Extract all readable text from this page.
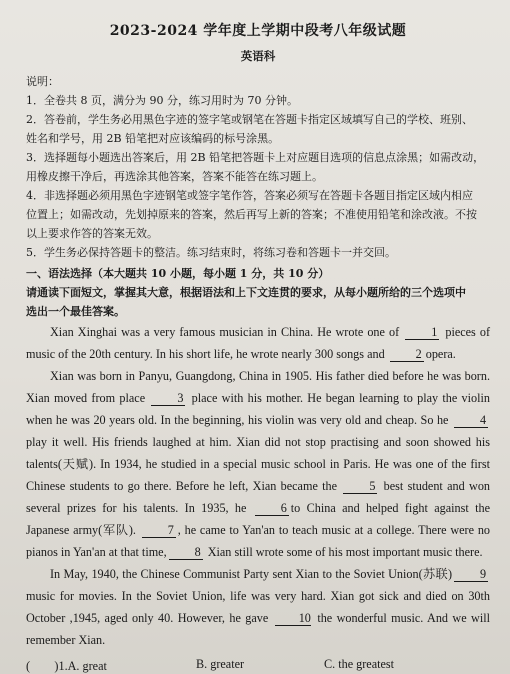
2023-2024 学年度上学期中段考八年级试题
英语科

说明：

1．全卷共 8 页，满分为 90 分，练习用时为 70 分钟。

2．答卷前，学生务必用黑色字迹的签字笔或钢笔在答题卡指定区域填写自己的学校、班别、

姓名和学号，用 2B 铅笔把对应该编码的标号涂黑。

3．选择题每小题选出答案后，用 2B 铅笔把答题卡上对应题目选项的信息点涂黑；如需改动，

用橡皮擦干净后，再选涂其他答案，答案不能答在练习题上。

4．非选择题必须用黑色字迹钢笔或签字笔作答，答案必须写在答题卡各题目指定区域内相应

位置上；如需改动，先划掉原来的答案，然后再写上新的答案；不准使用铅笔和涂改液。不按

以上要求作答的答案无效。

5．学生务必保持答题卡的整洁。练习结束时，将练习卷和答题卡一并交回。

一、语法选择（本大题共 10 小题，每小题 1 分，共 10 分）

请通读下面短文，掌握其大意，根据语法和上下文连贯的要求，从每小题所给的三个选项中

选出一个最佳答案。

Xian Xinghai was a very famous musician in China. He wrote one of	1 pieces of music of the 20th century. In his short life, he wrote nearly 300 songs and	2 opera.

Xian was born in Panyu, Guangdong, China in 1905. His father died before he was born. Xian moved from place	3 place with his mother. He began learning to play the violin when he was 20 years old. In the beginning, his violin was very old and cheap. So he	4 play it well. His friends laughed at him. Xian did not stop practising and soon showed his talents(天赋). In 1934, he studied in a special music school in Paris. He was one of the first Chinese students to go there. Before he left, Xian became the	5 best student and won several prizes for his talents. In 1935, he	6 to China and helped fight against the Japanese army(军队).	7 , he came to Yan'an to teach music at a college. There were no pianos in Yan'an at that time, 8 Xian still wrote some of his most important music there.

In May, 1940, the Chinese Communist Party sent Xian to the Soviet Union(苏联) 9 music for movies. In the Soviet Union, life was very hard. Xian got sick and died on 30th October ,1945, aged only 40. However, he gave 10 the wonderful music. And we will remember Xian.

(　　)1.A. great	B. greater	C. the greatest
